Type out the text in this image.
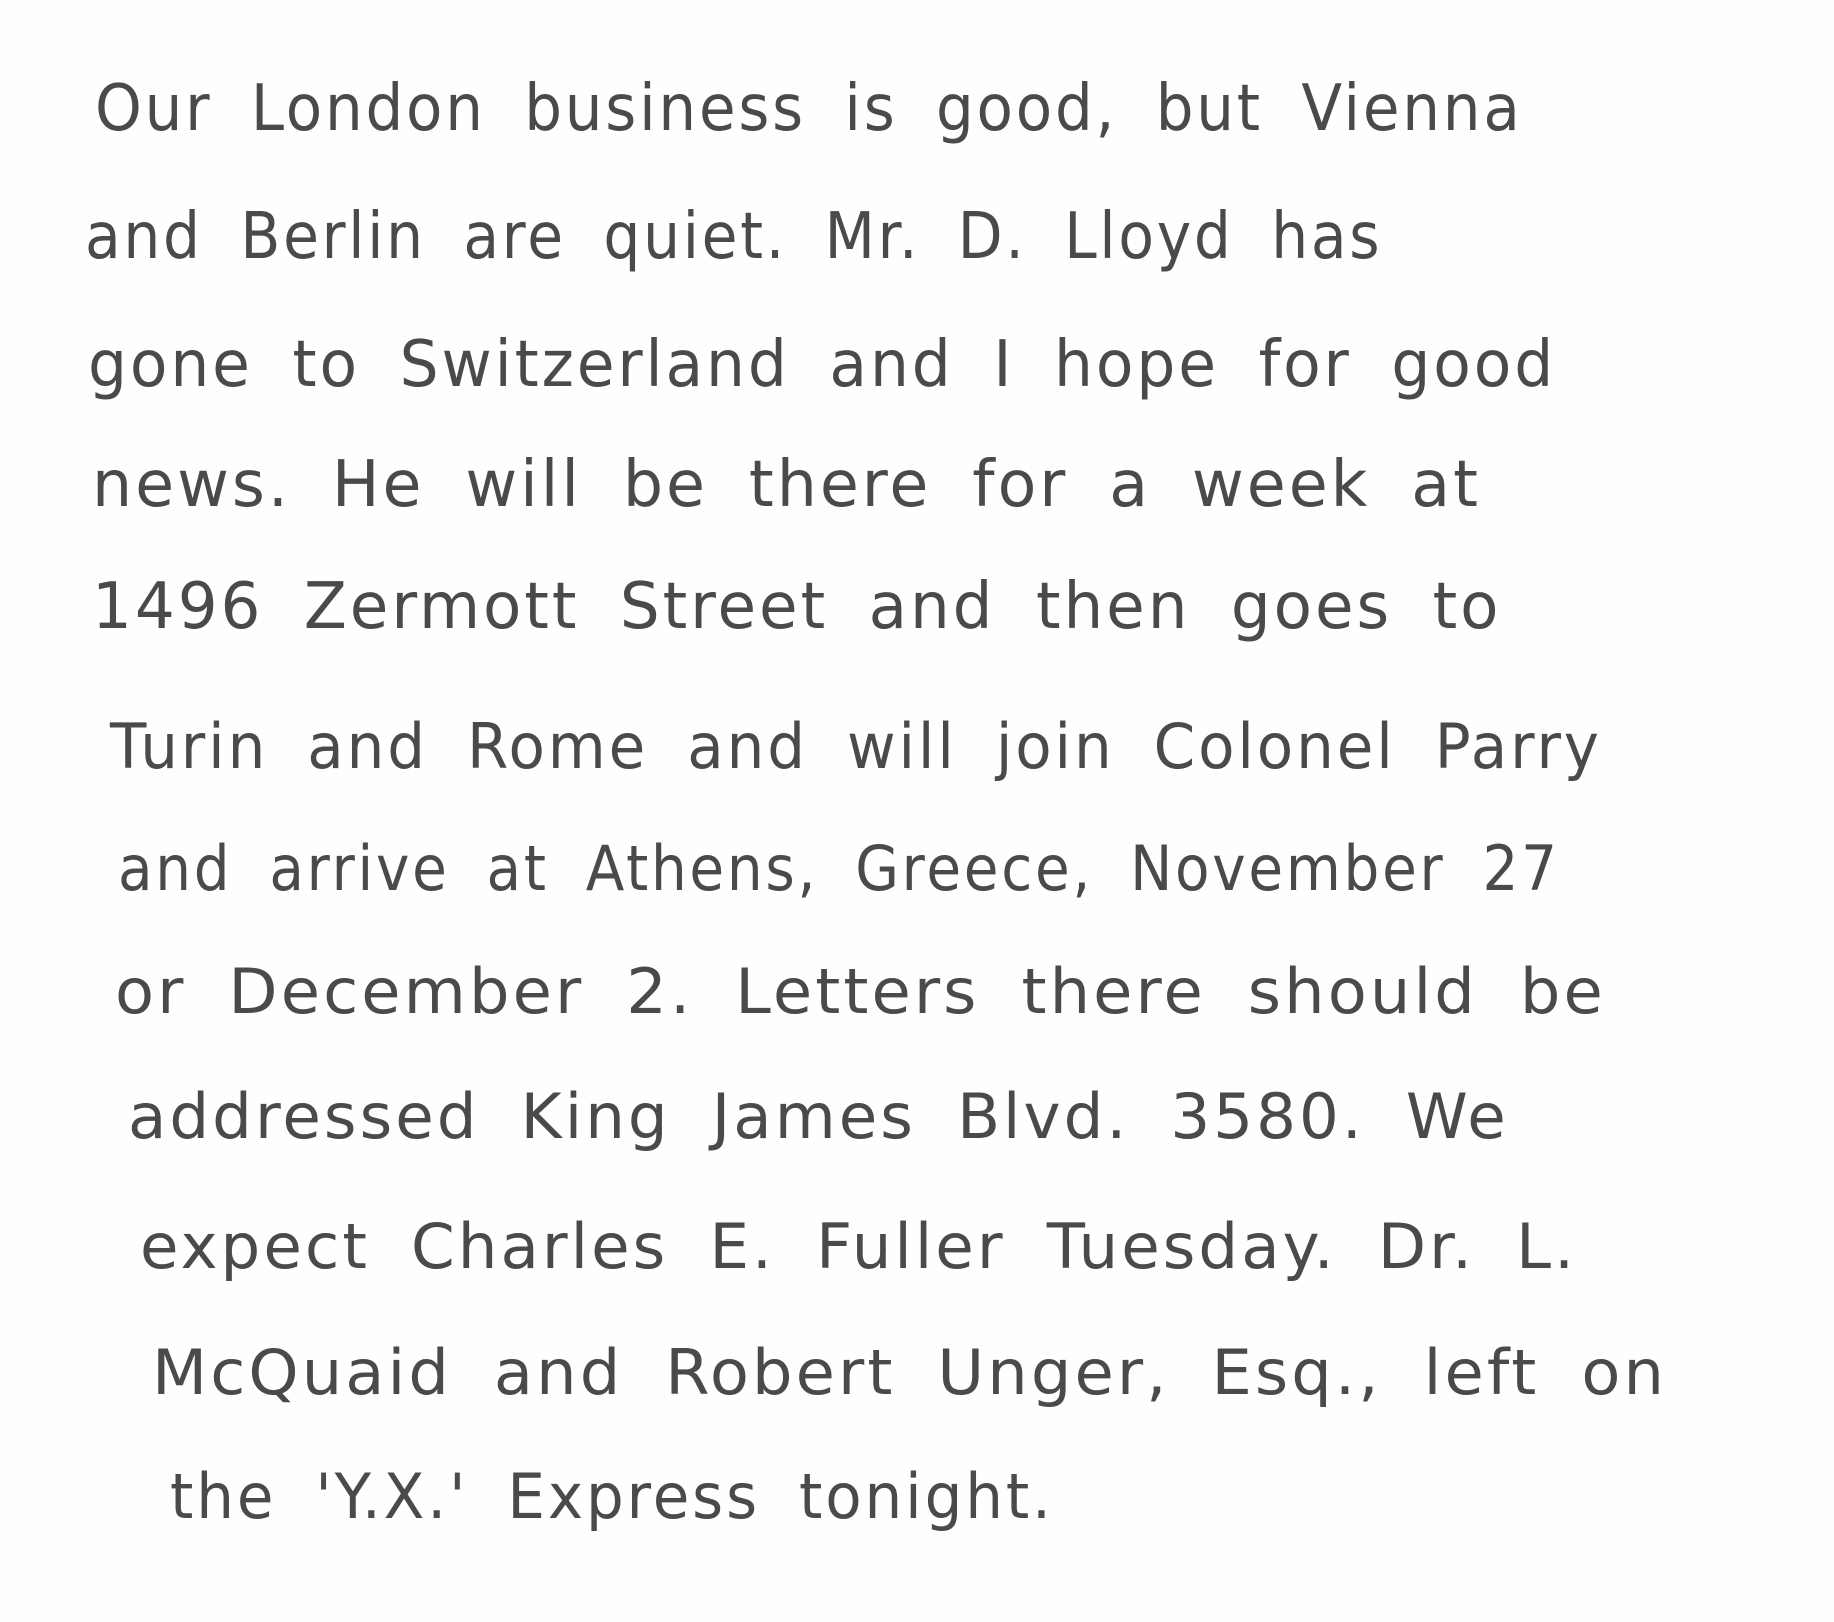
Our London business is good, but Vienna
and Berlin are quiet. Mr. D. Lloyd has
gone to Switzerland and I hope for good
news. He will be there for a week at
1496 Zermott Street and then goes to
Turin and Rome and will join Colonel Parry
and arrive at Athens, Greece, November 27
or December 2. Letters there should be
addressed King James Blvd. 3580. We
expect Charles E. Fuller Tuesday. Dr. L.
McQuaid and Robert Unger, Esq., left on
the 'Y.X.' Express tonight.
